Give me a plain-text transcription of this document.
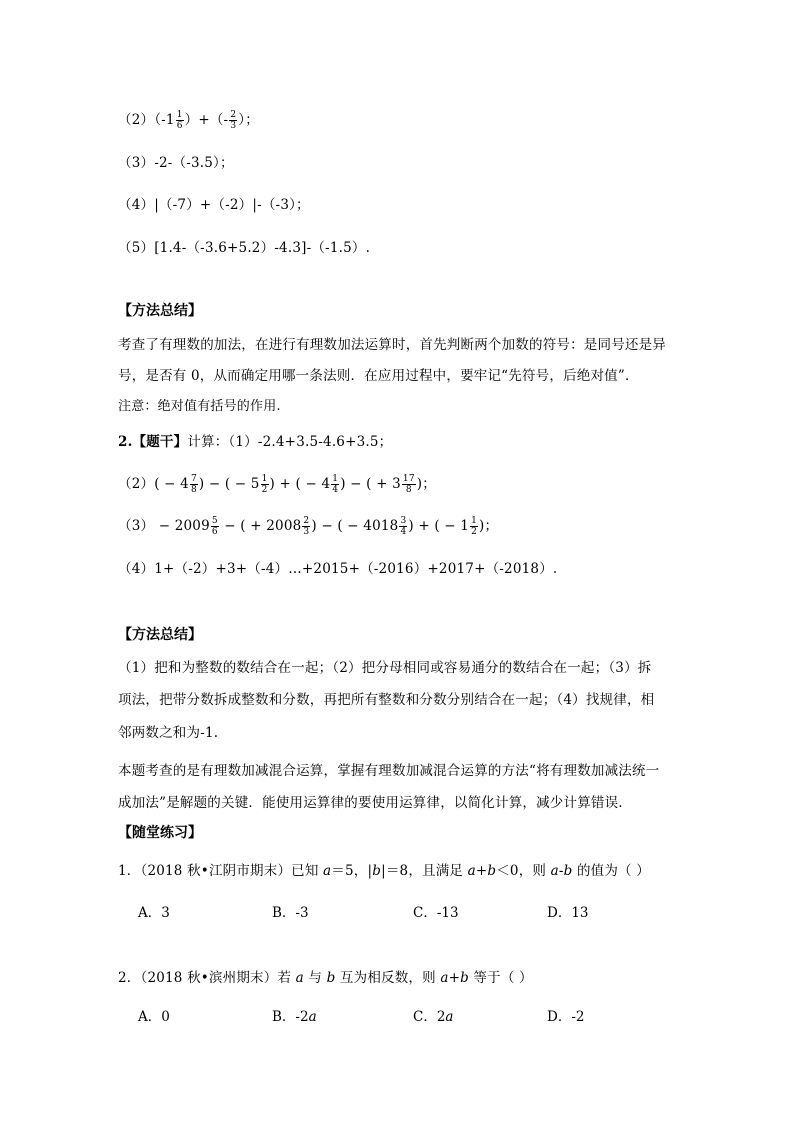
$(2)(-1 \frac{1}{6}$ ）+（- $\frac{2}{3}$ ）；
（3）-2-（-3.5）；
（4）|（-7）+（-2）|-（-3）；
（5）[1.4-（-3.6+5.2）-4.3]-（-1.5）.
【方法总结】
考查了有理数的加法，在进行有理数加法运算时，首先判断两个加数的符号：是同号还是异
号，是否有 0，从而确定用哪一条法则．在应用过程中，要牢记“先符号，后绝对值”．
注意：绝对值有括号的作用.
2.【题干】计算：（1）-2.4+3.5-4.6+3.5；
$(2)( - 4 \frac{7}{8}$ ) − ( − $5 \frac{1}{2}$ ) + ( − $4 \frac{1}{4}$ ) − ( + $3 \frac{17}{8}$ )；
$(3) - 2009 \frac{5}{6}$ − ( + $2008 \frac{2}{3}$ ) − ( − $4018 \frac{3}{4}$ ) + ( − $1 \frac{1}{2}$ )；
（4）1+（-2）+3+（-4）…+2015+（-2016）+2017+（-2018）.
【方法总结】
（1）把和为整数的数结合在一起；（2）把分母相同或容易通分的数结合在一起；（3）拆
项法，把带分数拆成整数和分数，再把所有整数和分数分别结合在一起；（4）找规律，相
邻两数之和为-1.
本题考查的是有理数加减混合运算，掌握有理数加减混合运算的方法“将有理数加减法统一
成加法”是解题的关键．能使用运算律的要使用运算律，以简化计算，减少计算错误.
【随堂练习】
1．（2018 秋•江阴市期末）已知 a＝5，|b|＝8，且满足 a+b＜0，则 a-b 的值为（ ）
A．3	B．-3	C．-13	D．13
2．（2018 秋•滨州期末）若 a 与 b 互为相反数，则 a+b 等于（ ）
A．0	B．-2a	C．2a	D．-2
